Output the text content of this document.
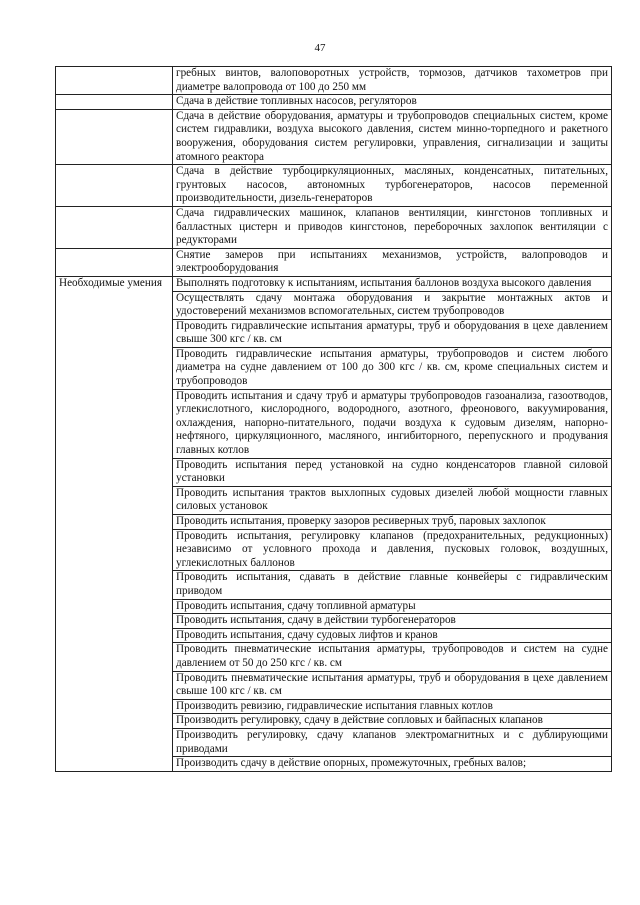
47
	гребных винтов, валоповоротных устройств, тормозов, датчиков тахометров при диаметре валопровода от 100 до 250 мм
	Сдача в действие топливных насосов, регуляторов
	Сдача в действие оборудования, арматуры и трубопроводов специальных систем, кроме систем гидравлики, воздуха высокого давления, систем минно-торпедного и ракетного вооружения, оборудования систем регулировки, управления, сигнализации и защиты атомного реактора
	Сдача в действие турбоциркуляционных, масляных, конденсатных, питательных, грунтовых насосов, автономных турбогенераторов, насосов переменной производительности, дизель-генераторов
	Сдача гидравлических машинок, клапанов вентиляции, кингстонов топливных и балластных цистерн и приводов кингстонов, переборочных захлопок вентиляции с редукторами
	Снятие замеров при испытаниях механизмов, устройств, валопроводов и электрооборудования
Необходимые умения	Выполнять подготовку к испытаниям, испытания баллонов воздуха высокого давления
	Осуществлять сдачу монтажа оборудования и закрытие монтажных актов и удостоверений механизмов вспомогательных, систем трубопроводов
	Проводить гидравлические испытания арматуры, труб и оборудования в цехе давлением свыше 300 кгс / кв. см
	Проводить гидравлические испытания арматуры, трубопроводов и систем любого диаметра на судне давлением от 100 до 300 кгс / кв. см, кроме специальных систем и трубопроводов
	Проводить испытания и сдачу труб и арматуры трубопроводов газоанализа, газоотводов, углекислотного, кислородного, водородного, азотного, фреонового, вакуумирования, охлаждения, напорно-питательного, подачи воздуха к судовым дизелям, напорно-нефтяного, циркуляционного, масляного, ингибиторного, перепускного и продувания главных котлов
	Проводить испытания перед установкой на судно конденсаторов главной силовой установки
	Проводить испытания трактов выхлопных судовых дизелей любой мощности главных силовых установок
	Проводить испытания, проверку зазоров ресиверных труб, паровых захлопок
	Проводить испытания, регулировку клапанов (предохранительных, редукционных) независимо от условного прохода и давления, пусковых головок, воздушных, углекислотных баллонов
	Проводить испытания, сдавать в действие главные конвейеры с гидравлическим приводом
	Проводить испытания, сдачу топливной арматуры
	Проводить испытания, сдачу в действии турбогенераторов
	Проводить испытания, сдачу судовых лифтов и кранов
	Проводить пневматические испытания арматуры, трубопроводов и систем на судне давлением от 50 до 250 кгс / кв. см
	Проводить пневматические испытания арматуры, труб и оборудования в цехе давлением свыше 100 кгс / кв. см
	Производить ревизию, гидравлические испытания главных котлов
	Производить регулировку, сдачу в действие сопловых и байпасных клапанов
	Производить регулировку, сдачу клапанов электромагнитных и с дублирующими приводами
	Производить сдачу в действие опорных, промежуточных, гребных валов;
